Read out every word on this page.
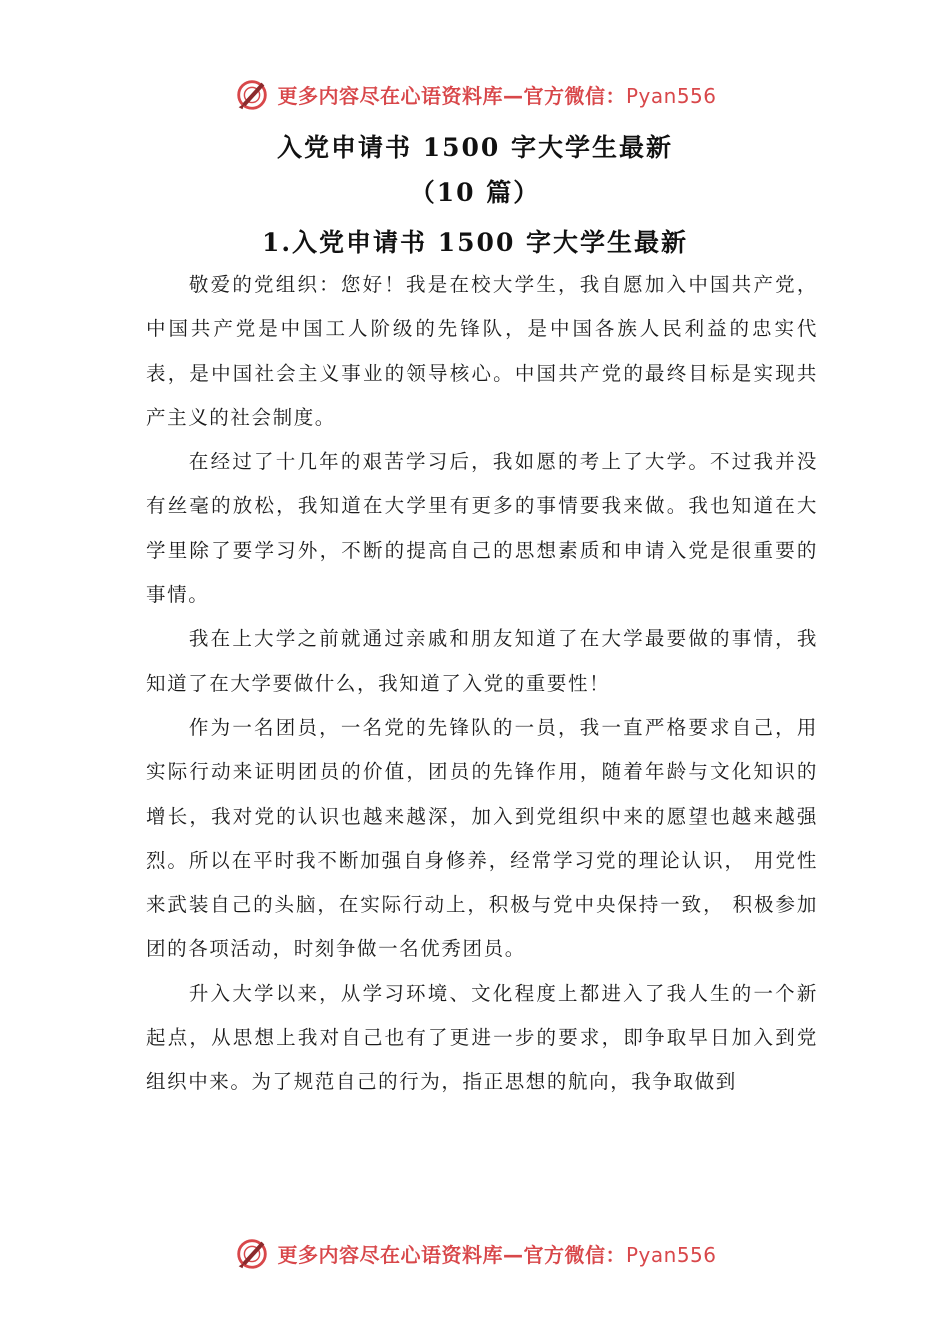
更多内容尽在心语资料库—官方微信：Pyan556
入党申请书 1500 字大学生最新
（10 篇）
1.入党申请书 1500 字大学生最新

敬爱的党组织：您好！我是在校大学生，我自愿加入中国共产党，中国共产党是中国工人阶级的先锋队，是中国各族人民利益的忠实代表，是中国社会主义事业的领导核心。中国共产党的最终目标是实现共产主义的社会制度。

在经过了十几年的艰苦学习后，我如愿的考上了大学。不过我并没有丝毫的放松，我知道在大学里有更多的事情要我来做。我也知道在大学里除了要学习外，不断的提高自己的思想素质和申请入党是很重要的事情。

我在上大学之前就通过亲戚和朋友知道了在大学最要做的事情，我知道了在大学要做什么，我知道了入党的重要性！

作为一名团员，一名党的先锋队的一员，我一直严格要求自己，用实际行动来证明团员的价值，团员的先锋作用，随着年龄与文化知识的增长，我对党的认识也越来越深，加入到党组织中来的愿望也越来越强烈。所以在平时我不断加强自身修养，经常学习党的理论认识， 用党性来武装自己的头脑，在实际行动上，积极与党中央保持一致， 积极参加团的各项活动，时刻争做一名优秀团员。

升入大学以来，从学习环境、文化程度上都进入了我人生的一个新起点，从思想上我对自己也有了更进一步的要求，即争取早日加入到党组织中来。为了规范自己的行为，指正思想的航向，我争取做到

更多内容尽在心语资料库—官方微信：Pyan556
